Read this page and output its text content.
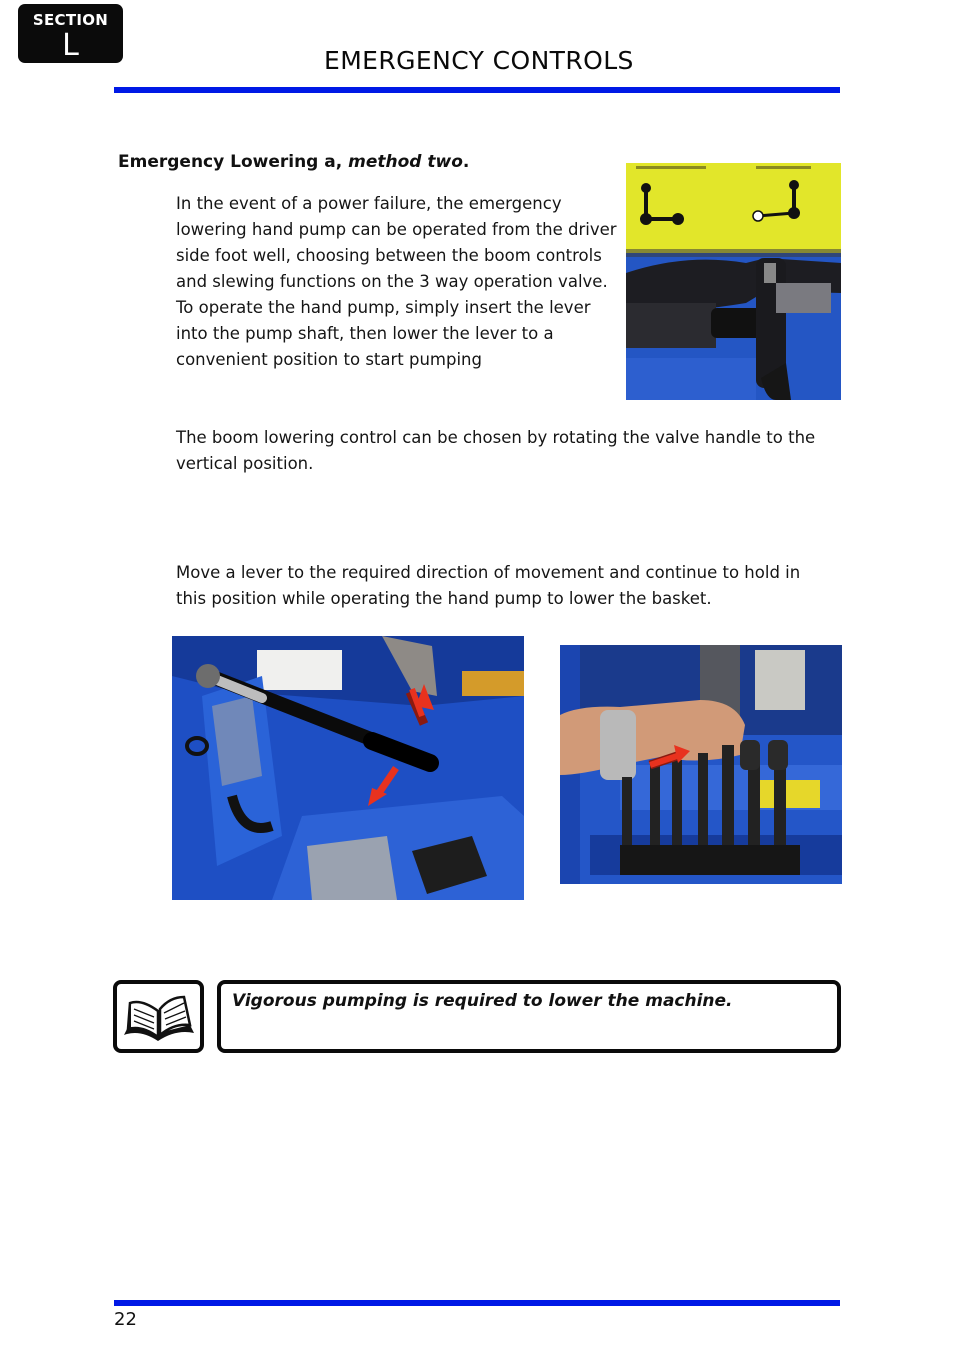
SECTION
L	EMERGENCY CONTROLS
Emergency Lowering a, method two.

In the event of a power failure, the emergency lowering hand pump can be operated from the driver side foot well, choosing between the boom controls and slewing functions on the 3 way operation valve. To operate the hand pump, simply insert the lever into the pump shaft, then lower the lever to a convenient position to start pumping

The boom lowering control can be chosen by rotating the valve handle to the vertical position.

Move a lever to the required direction of movement and continue to hold in this position while operating the hand pump to lower the basket.

Vigorous pumping is required to lower the machine.
22
